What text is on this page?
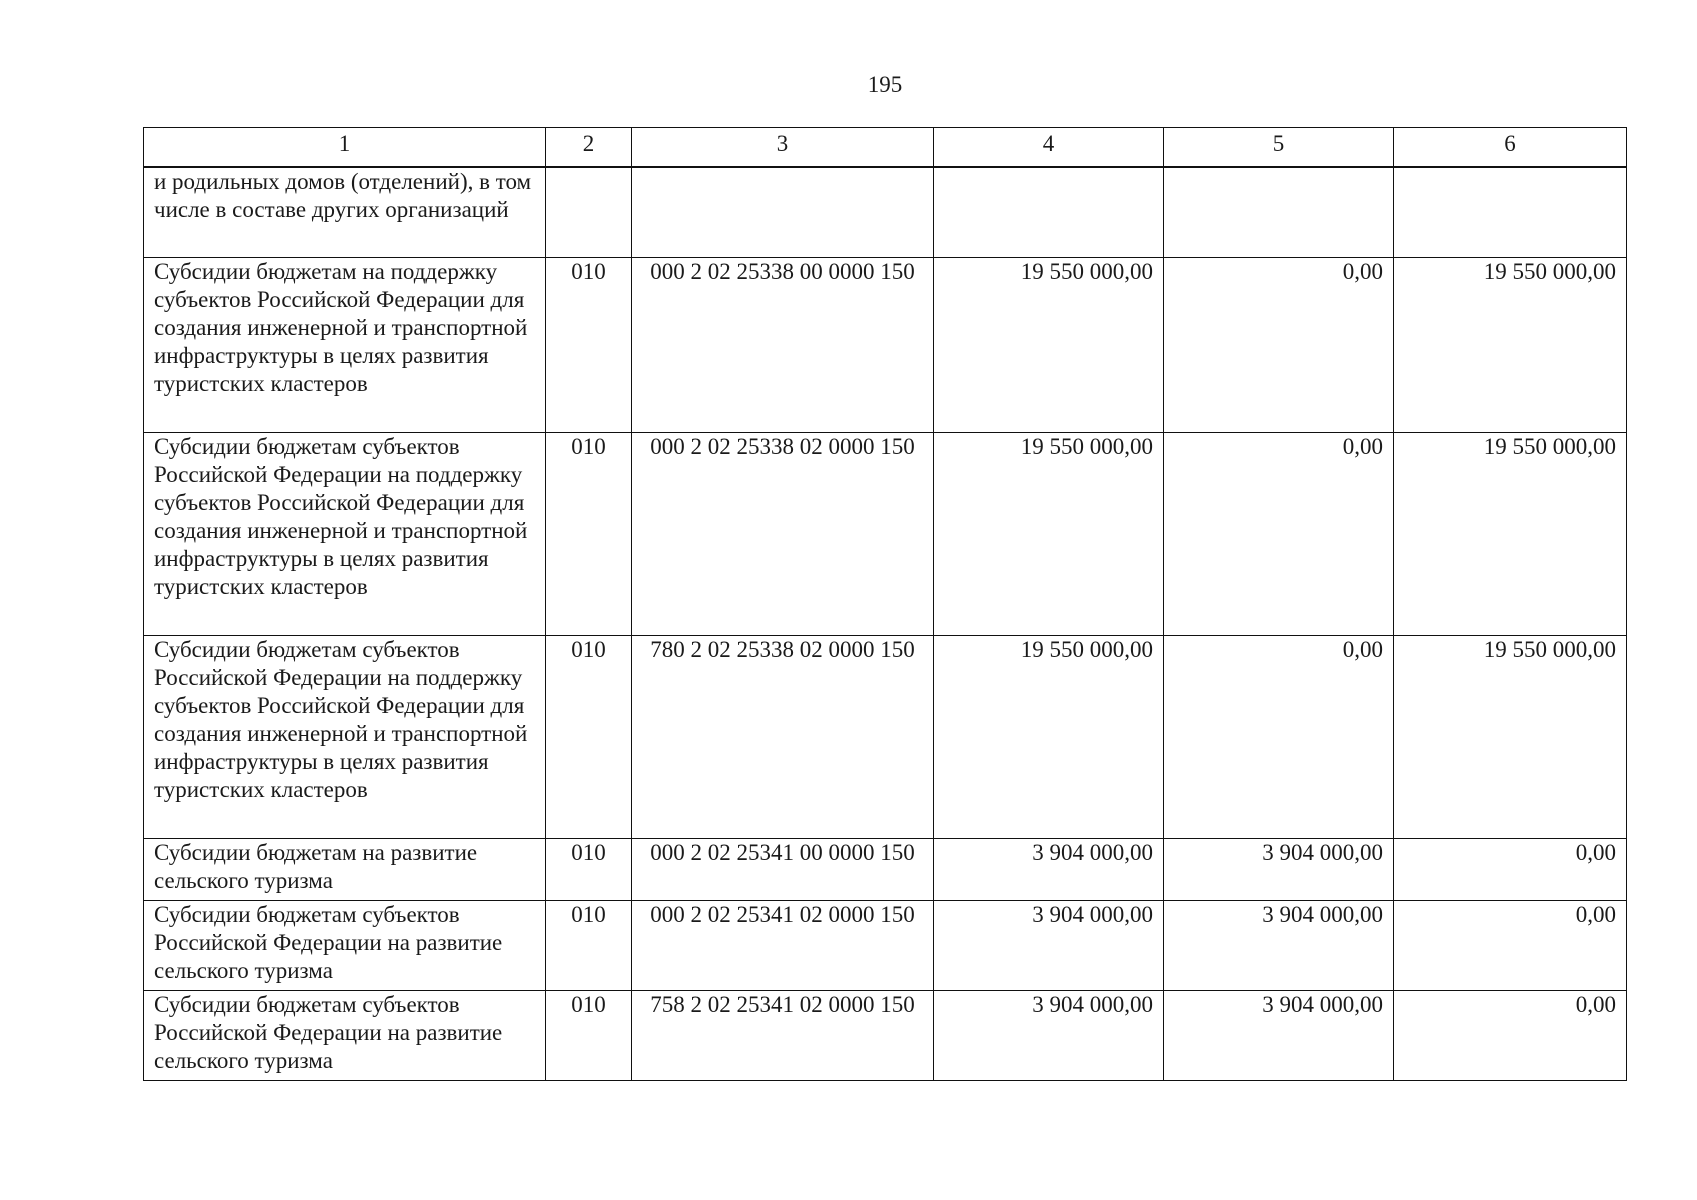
195
1	2	3	4	5	6
и родильных домов (отделений), в том числе в составе других организаций					
Субсидии бюджетам на поддержку субъектов Российской Федерации для создания инженерной и транспортной инфраструктуры в целях развития туристских кластеров	010	000 2 02 25338 00 0000 150	19 550 000,00	0,00	19 550 000,00
Субсидии бюджетам субъектов Российской Федерации на поддержку субъектов Российской Федерации для создания инженерной и транспортной инфраструктуры в целях развития туристских кластеров	010	000 2 02 25338 02 0000 150	19 550 000,00	0,00	19 550 000,00
Субсидии бюджетам субъектов Российской Федерации на поддержку субъектов Российской Федерации для создания инженерной и транспортной инфраструктуры в целях развития туристских кластеров	010	780 2 02 25338 02 0000 150	19 550 000,00	0,00	19 550 000,00
Субсидии бюджетам на развитие сельского туризма	010	000 2 02 25341 00 0000 150	3 904 000,00	3 904 000,00	0,00
Субсидии бюджетам субъектов Российской Федерации на развитие сельского туризма	010	000 2 02 25341 02 0000 150	3 904 000,00	3 904 000,00	0,00
Субсидии бюджетам субъектов Российской Федерации на развитие сельского туризма	010	758 2 02 25341 02 0000 150	3 904 000,00	3 904 000,00	0,00
